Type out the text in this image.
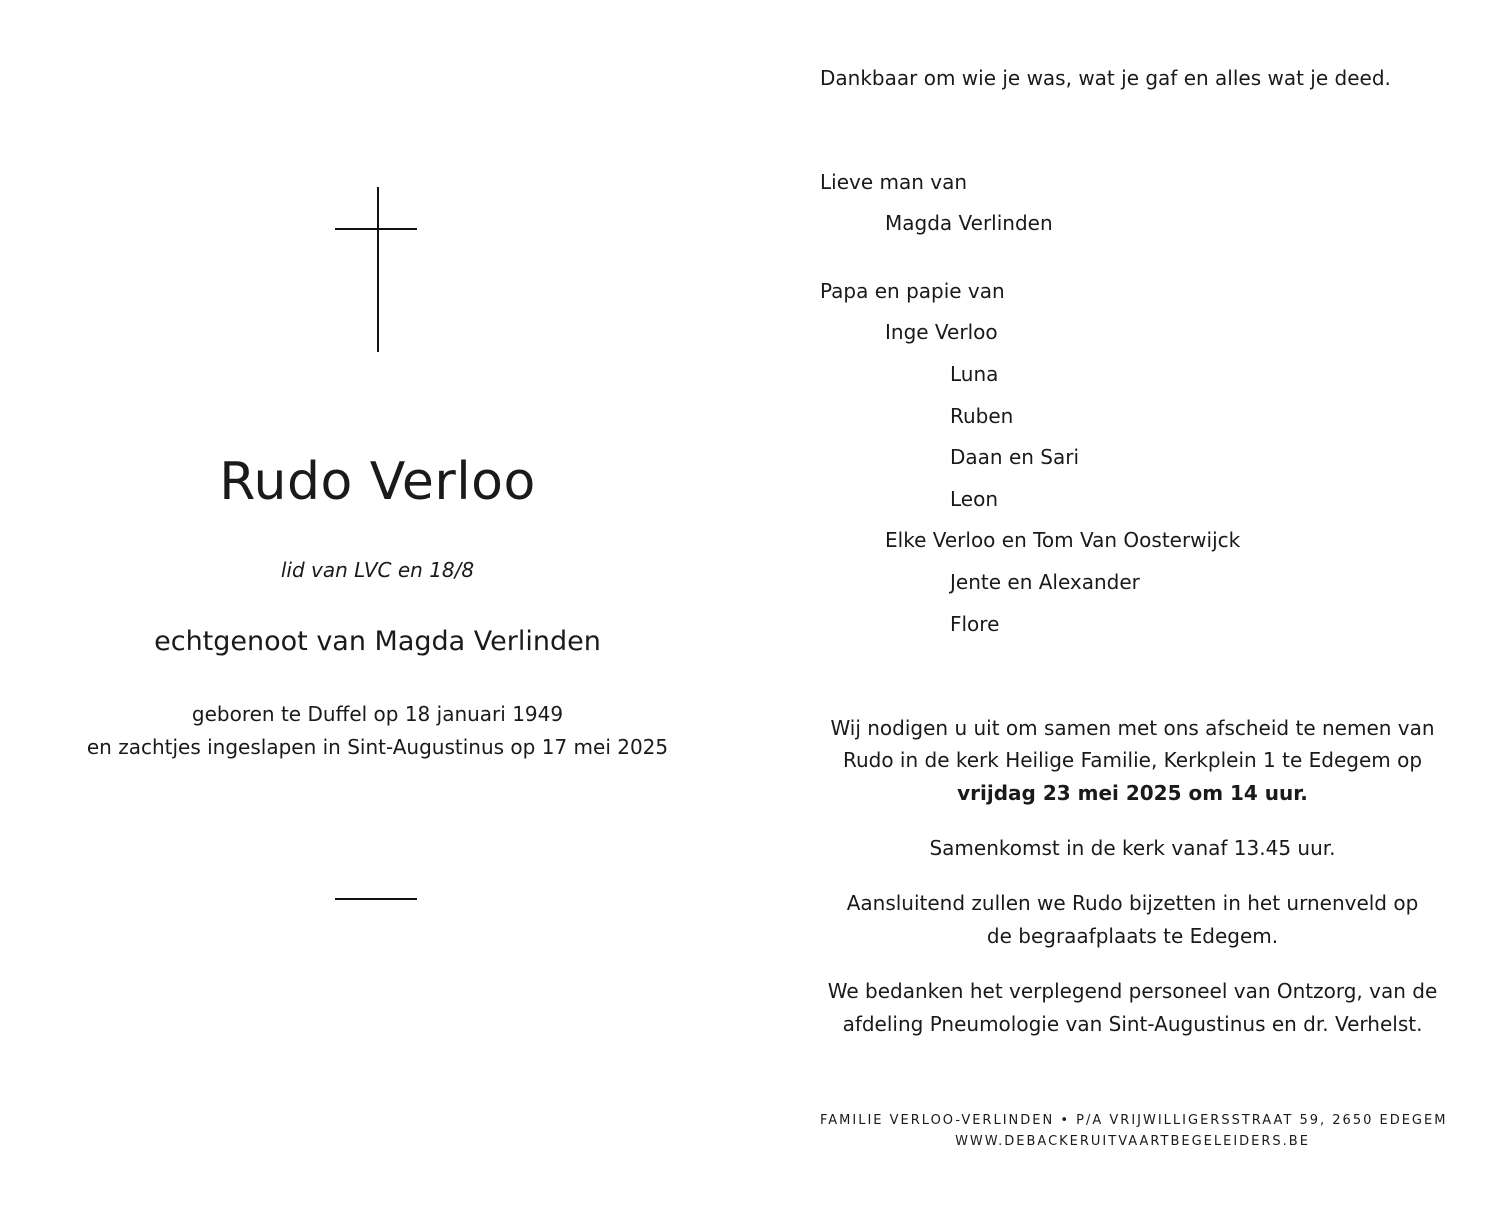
Rudo Verloo
lid van LVC en 18/8
echtgenoot van Magda Verlinden
geboren te Duffel op 18 januari 1949
en zachtjes ingeslapen in Sint-Augustinus op 17 mei 2025
Dankbaar om wie je was, wat je gaf en alles wat je deed.
Lieve man van
Magda Verlinden
Papa en papie van
Inge Verloo
Luna
Ruben
Daan en Sari
Leon
Elke Verloo en Tom Van Oosterwijck
Jente en Alexander
Flore
Wij nodigen u uit om samen met ons afscheid te nemen van
Rudo in de kerk Heilige Familie, Kerkplein 1 te Edegem op
vrijdag 23 mei 2025 om 14 uur.
Samenkomst in de kerk vanaf 13.45 uur.
Aansluitend zullen we Rudo bijzetten in het urnenveld op
de begraafplaats te Edegem.
We bedanken het verplegend personeel van Ontzorg, van de
afdeling Pneumologie van Sint-Augustinus en dr. Verhelst.
FAMILIE VERLOO-VERLINDEN • P/A VRIJWILLIGERSSTRAAT 59, 2650 EDEGEM
WWW.DEBACKERUITVAARTBEGELEIDERS.BE
